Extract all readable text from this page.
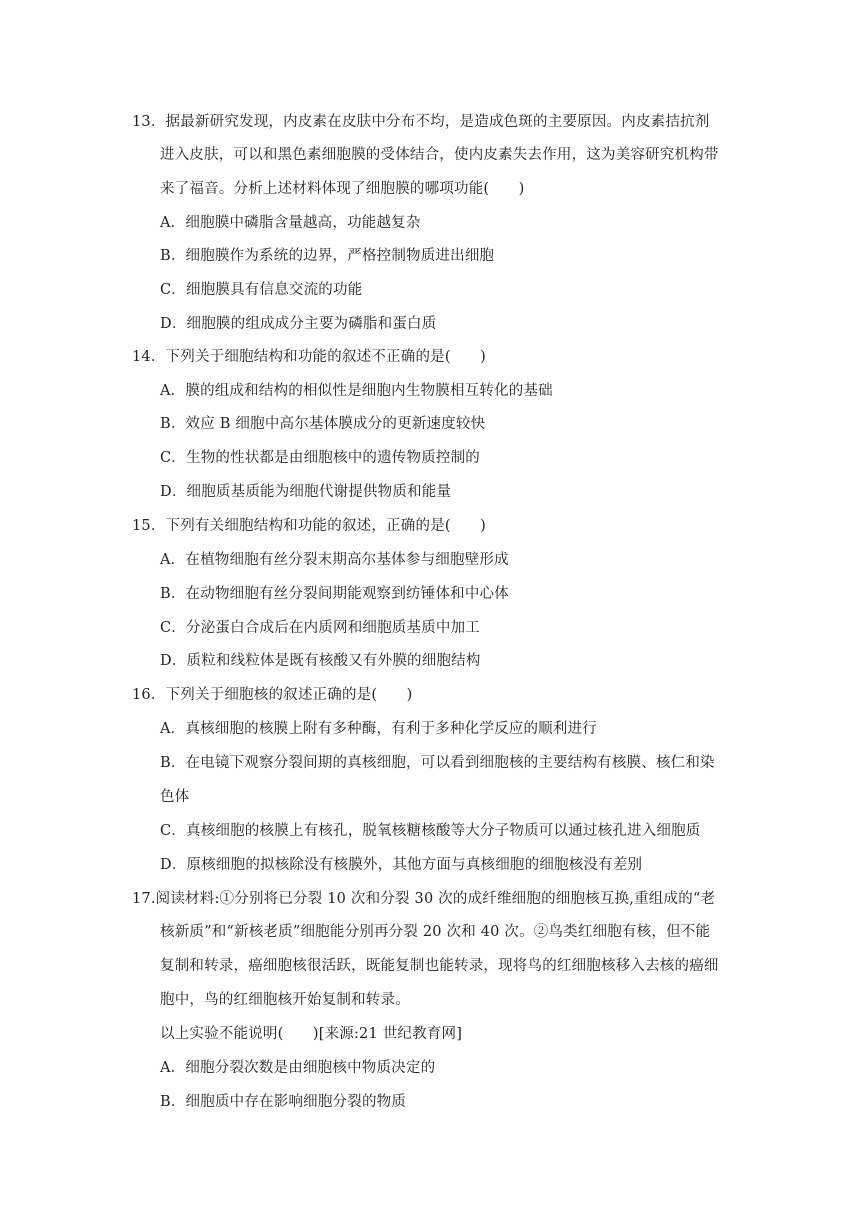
13．据最新研究发现，内皮素在皮肤中分布不均，是造成色斑的主要原因。内皮素拮抗剂
进入皮肤，可以和黑色素细胞膜的受体结合，使内皮素失去作用，这为美容研究机构带
来了福音。分析上述材料体现了细胞膜的哪项功能(　　)
A．细胞膜中磷脂含量越高，功能越复杂
B．细胞膜作为系统的边界，严格控制物质进出细胞
C．细胞膜具有信息交流的功能
D．细胞膜的组成成分主要为磷脂和蛋白质
14．下列关于细胞结构和功能的叙述不正确的是(　　)
A．膜的组成和结构的相似性是细胞内生物膜相互转化的基础
B．效应 B 细胞中高尔基体膜成分的更新速度较快
C．生物的性状都是由细胞核中的遗传物质控制的
D．细胞质基质能为细胞代谢提供物质和能量
15．下列有关细胞结构和功能的叙述，正确的是(　　)
A．在植物细胞有丝分裂末期高尔基体参与细胞壁形成
B．在动物细胞有丝分裂间期能观察到纺锤体和中心体
C．分泌蛋白合成后在内质网和细胞质基质中加工
D．质粒和线粒体是既有核酸又有外膜的细胞结构
16．下列关于细胞核的叙述正确的是(　　)
A．真核细胞的核膜上附有多种酶，有利于多种化学反应的顺利进行
B．在电镜下观察分裂间期的真核细胞，可以看到细胞核的主要结构有核膜、核仁和染
色体
C．真核细胞的核膜上有核孔，脱氧核糖核酸等大分子物质可以通过核孔进入细胞质
D．原核细胞的拟核除没有核膜外，其他方面与真核细胞的细胞核没有差别
17.阅读材料:①分别将已分裂 10 次和分裂 30 次的成纤维细胞的细胞核互换,重组成的“老
核新质”和“新核老质”细胞能分别再分裂 20 次和 40 次。②鸟类红细胞有核，但不能
复制和转录，癌细胞核很活跃，既能复制也能转录，现将鸟的红细胞核移入去核的癌细
胞中，鸟的红细胞核开始复制和转录。
以上实验不能说明(　　)[来源:21 世纪教育网]
A．细胞分裂次数是由细胞核中物质决定的
B．细胞质中存在影响细胞分裂的物质
